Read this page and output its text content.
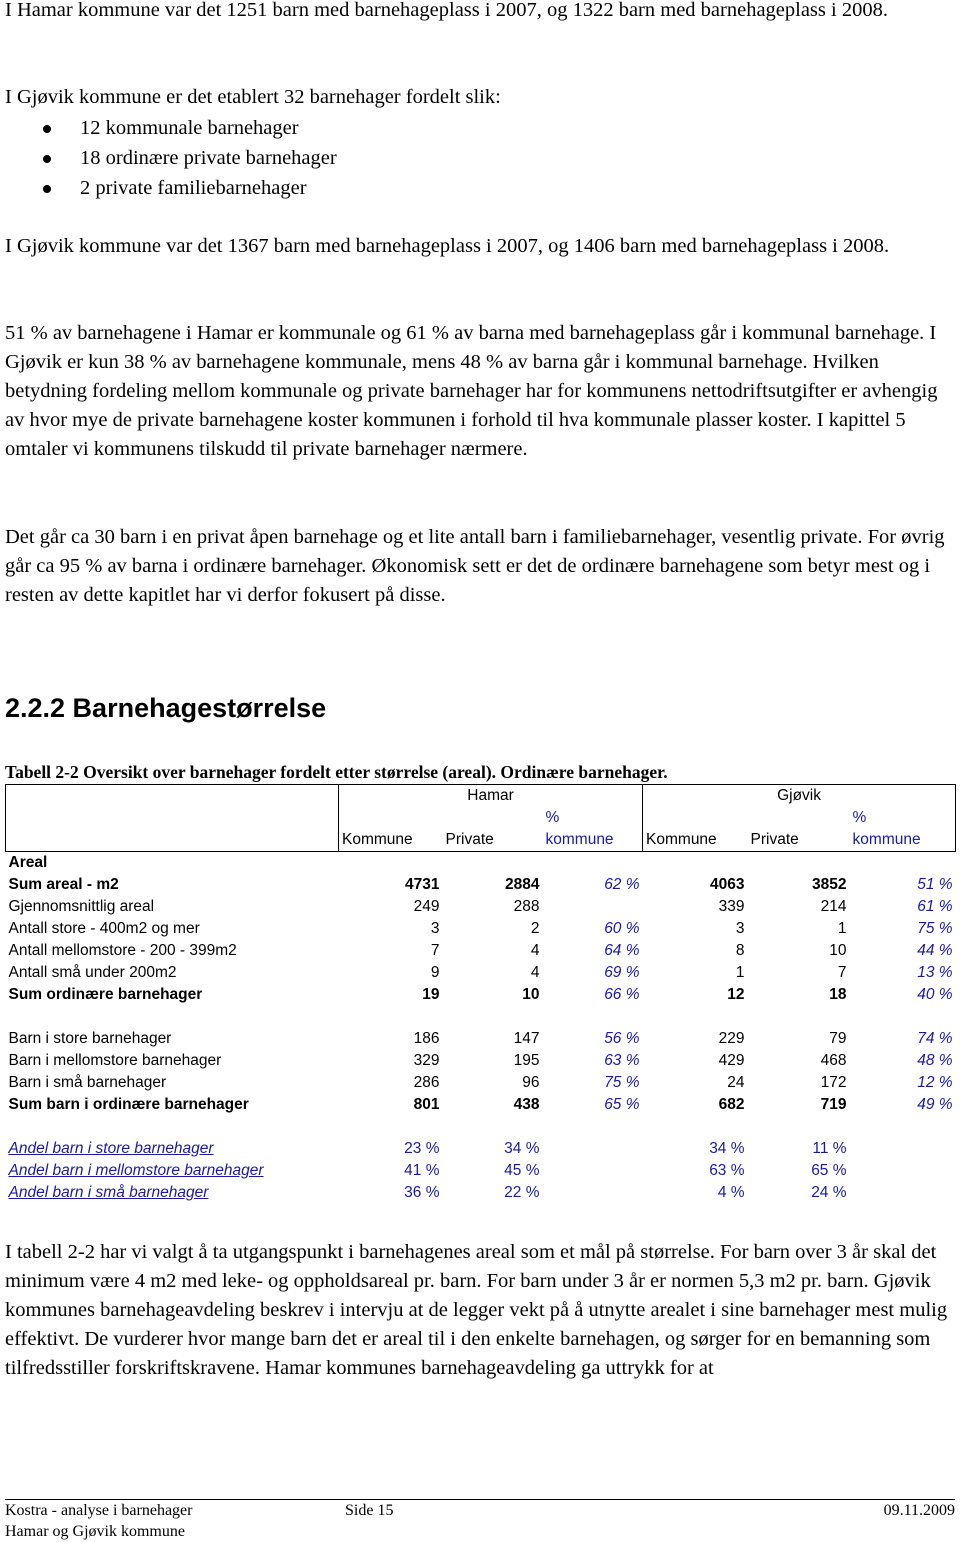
I Hamar kommune var det 1251 barn med barnehageplass i 2007, og 1322 barn med barnehageplass i 2008.
I Gjøvik kommune er det etablert 32 barnehager fordelt slik:
12 kommunale barnehager
18 ordinære private barnehager
2 private familiebarnehager
I Gjøvik kommune var det 1367 barn med barnehageplass i 2007, og 1406 barn med barnehageplass i 2008.
51 % av barnehagene i Hamar er kommunale og 61 % av barna med barnehageplass går i kommunal barnehage. I Gjøvik er kun 38 % av barnehagene kommunale, mens 48 % av barna går i kommunal barnehage. Hvilken betydning fordeling mellom kommunale og private barnehager har for kommunens nettodriftsutgifter er avhengig av hvor mye de private barnehagene koster kommunen i forhold til hva kommunale plasser koster. I kapittel 5 omtaler vi kommunens tilskudd til private barnehager nærmere.
Det går ca 30 barn i en privat åpen barnehage og et lite antall barn i familiebarnehager, vesentlig private. For øvrig går ca 95 % av barna i ordinære barnehager. Økonomisk sett er det de ordinære barnehagene som betyr mest og i resten av dette kapitlet har vi derfor fokusert på disse.
2.2.2 Barnehagestørrelse
Tabell 2-2 Oversikt over barnehager fordelt etter størrelse (areal). Ordinære barnehager.
	Hamar			Gjøvik		
			%			%
	Kommune	Private	kommune	Kommune	Private	kommune
Areal						
Sum areal - m2	4731	2884	62 %	4063	3852	51 %
Gjennomsnittlig areal	249	288		339	214	61 %
Antall store - 400m2 og mer	3	2	60 %	3	1	75 %
Antall mellomstore - 200 - 399m2	7	4	64 %	8	10	44 %
Antall små under 200m2	9	4	69 %	1	7	13 %
Sum ordinære barnehager	19	10	66 %	12	18	40 %

Barn i store barnehager	186	147	56 %	229	79	74 %
Barn i mellomstore barnehager	329	195	63 %	429	468	48 %
Barn i små barnehager	286	96	75 %	24	172	12 %
Sum barn i ordinære barnehager	801	438	65 %	682	719	49 %

Andel barn i store barnehager	23 %	34 %		34 %	11 %	
Andel barn i mellomstore barnehager	41 %	45 %		63 %	65 %	
Andel barn i små barnehager	36 %	22 %		4 %	24 %	
I tabell 2-2 har vi valgt å ta utgangspunkt i barnehagenes areal som et mål på størrelse. For barn over 3 år skal det minimum være 4 m2 med leke- og oppholdsareal pr. barn. For barn under 3 år er normen 5,3 m2 pr. barn. Gjøvik kommunes barnehageavdeling beskrev i intervju at de legger vekt på å utnytte arealet i sine barnehager mest mulig effektivt. De vurderer hvor mange barn det er areal til i den enkelte barnehagen, og sørger for en bemanning som tilfredsstiller forskriftskravene. Hamar kommunes barnehageavdeling ga uttrykk for at
Kostra - analyse i barnehager	Side 15	09.11.2009
Hamar og Gjøvik kommune
